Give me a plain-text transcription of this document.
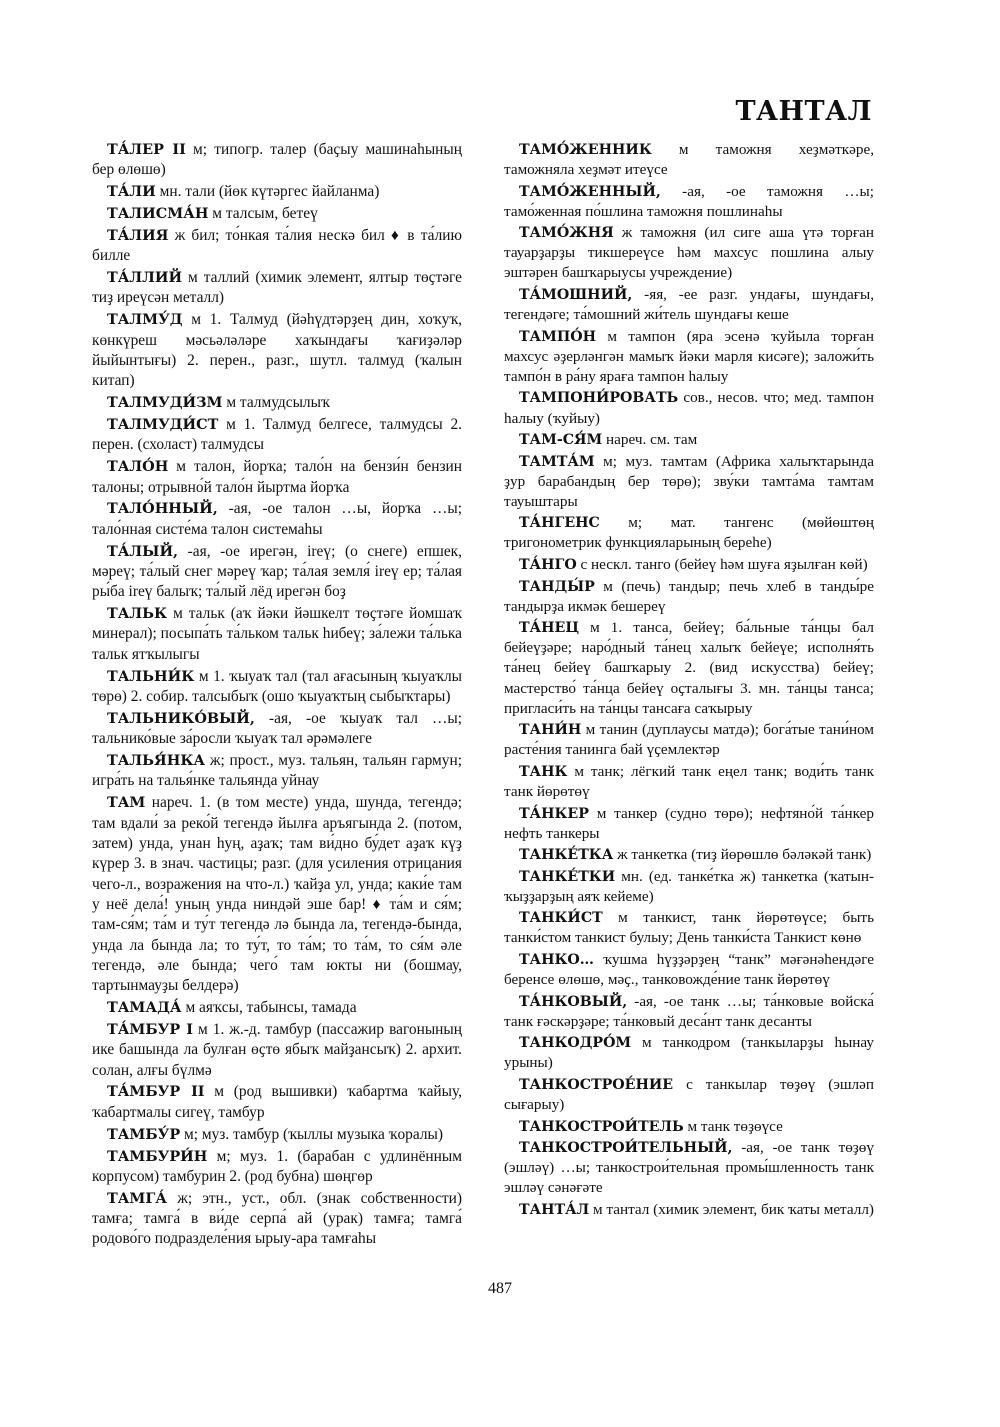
ТАНТАЛ

ТА́ЛЕР II м; типогр. талер (баҫыу машинаһының бер өлөшө)

ТА́ЛИ мн. тали (йөк күтәргес йайланма)

ТАЛИСМА́Н м талсым, бетеү

ТА́ЛИЯ ж бил; то́нкая та́лия нескә бил ♦ в та́лию билле

ТА́ЛЛИЙ м таллий (химик элемент, ялтыр төҫтәге тиҙ иреүсән металл)

ТАЛМУ́Д м 1. Талмуд (йәһүдтәрҙең дин, хоҡуҡ, көнкүреш мәсьәләләре хаҡындағы ҡағиҙәләр йыйынтығы) 2. перен., разг., шутл. талмуд (ҡалын китап)

ТАЛМУДИ́ЗМ м талмудсылыҡ

ТАЛМУДИ́СТ м 1. Талмуд белгесе, талмудсы 2. перен. (схоласт) талмудсы

ТАЛО́Н м талон, йорҡа; тало́н на бензи́н бензин талоны; отрывно́й тало́н йыртма йорҡа

ТАЛО́ННЫЙ, -ая, -ое талон …ы, йорҡа …ы; тало́нная систе́ма талон системаһы

ТА́ЛЫЙ, -ая, -ое ирегән, ireү; (о снеге) епшек, мәреү; та́лый снег мәреү ҡар; та́лая земля́ ireү ер; та́лая ры́ба ireү балыҡ; та́лый лёд ирегән боҙ

ТАЛЬК м тальк (аҡ йәки йәшкелт төҫтәге йомшаҡ минерал); посыпа́ть та́льком тальк һибеү; за́лежи та́лька тальк ятҡылыгы

ТАЛЬНИ́К м 1. ҡыуаҡ тал (тал ағасының ҡыуаҡлы төрө) 2. собир. талсыбыҡ (ошо ҡыуаҡтың сыбыҡтары)

ТАЛЬНИКО́ВЫЙ, -ая, -ое ҡыуаҡ тал …ы; тальнико́вые за́росли ҡыуаҡ тал әрәмәлеге

ТАЛЬЯ́НКА ж; прост., муз. тальян, тальян гармун; игра́ть на талья́нке тальянда уйнау

ТАМ нареч. 1. (в том месте) унда, шунда, тегендә; там вдали́ за реко́й тегендә йылға аръягында 2. (потом, затем) унда, унан һуң, аҙаҡ; там ви́дно бу́дет аҙаҡ күҙ күрер 3. в знач. частицы; разг. (для усиления отрицания чего-л., возражения на что-л.) ҡайҙа ул, унда; каки́е там у неё дела́! уның унда ниндәй эше бар! ♦ та́м и ся́м; там-ся́м; та́м и ту́т тегендә лә бында ла, тегендә-бында, унда ла бында ла; то ту́т, то та́м; то та́м, то ся́м әле тегендә, әле бында; чего́ там юкты ни (бошмау, тартынмауҙы белдерә)

ТАМАДА́ м аяҡсы, табынсы, тамада

ТА́МБУР I м 1. ж.-д. тамбур (пассажир вагонының ике башында ла булған өҫтө ябыҡ майҙансыҡ) 2. архит. солан, алғы бүлмә

ТА́МБУР II м (род вышивки) ҡабартма ҡайыу, ҡабартмалы сигеү, тамбур

ТАМБУ́Р м; муз. тамбур (ҡыллы музыка ҡоралы)

ТАМБУРИ́Н м; муз. 1. (барабан с удлинённым корпусом) тамбурин 2. (род бубна) шөңгөр

ТАМГА́ ж; этн., уст., обл. (знак собственности) тамға; тамга́ в ви́де серпа́ ай (урак) тамға; тамга́ родово́го подразделе́ния ырыу-ара тамғаһы

ТАМО́ЖЕННИК м таможня хеҙмәткәре, таможняла хеҙмәт итеүсе

ТАМО́ЖЕННЫЙ, -ая, -ое таможня …ы; тамо́женная по́шлина таможня пошлинаһы

ТАМО́ЖНЯ ж таможня (ил сиге аша үтә торған тауарҙарҙы тикшереүсе һәм махсус пошлина алыу эштәрен башҡарыусы учреждение)

ТА́МОШНИЙ, -яя, -ее разг. ундағы, шундағы, тегендәге; та́мошний жи́тель шундағы кеше

ТАМПО́Н м тампон (яра эсенә ҡуйыла торған махсус әҙерләнгән мамыҡ йәки марля кисәге); заложи́ть тампо́н в ра́ну яраға тампон һалыу

ТАМПОНИ́РОВАТЬ сов., несов. что; мед. тампон һалыу (ҡуйыу)

ТАМ-СЯ́М нареч. см. там

ТАМТА́М м; муз. тамтам (Африка халыҡтарында ҙур барабандың бер төрө); зву́ки тамта́ма тамтам тауыштары

ТА́НГЕНС м; мат. тангенс (мөйөштөң тригонометрик функцияларының береһе)

ТА́НГО с нескл. танго (бейеү һәм шуға яҙылған көй)

ТАНДЫ́Р м (печь) тандыр; печь хлеб в танды́ре тандырҙа икмәк бешереү

ТА́НЕЦ м 1. танса, бейеү; ба́льные та́нцы бал бейеүҙәре; наро́дный та́нец халыҡ бейеүе; исполня́ть та́нец бейеү башҡарыу 2. (вид искусства) бейеү; мастерство́ та́нца бейеү оҫталығы 3. мн. та́нцы танса; пригласи́ть на та́нцы тансаға саҡырыу

ТАНИ́Н м танин (дуплаусы матдә); бога́тые тани́ном расте́ния танинга бай үҫемлектәр

ТАНК м танк; лёгкий танк еңел танк; води́ть танк танк йөрөтөү

ТА́НКЕР м танкер (судно төрө); нефтяно́й та́нкер нефть танкеры

ТАНКЕ́ТКА ж танкетка (тиҙ йөрөшлө бәләкәй танк)

ТАНКЕ́ТКИ мн. (ед. танке́тка ж) танкетка (ҡатын-ҡыҙҙарҙың аяҡ кейеме)

ТАНКИ́СТ м танкист, танк йөрөтөүсе; быть танки́стом танкист булыу; День танки́ста Танкист көнө

ТАНКО… ҡушма һүҙҙәрҙең “танк” мәғәнәһендәге беренсе өлөшө, мәҫ., танковожде́ние танк йөрөтөү

ТА́НКОВЫЙ, -ая, -ое танк …ы; та́нковые войска́ танк ғәскәрҙәре; та́нковый деса́нт танк десанты

ТАНКОДРО́М м танкодром (танкыларҙы һынау урыны)

ТАНКОСТРОЕ́НИЕ с танкылар төҙөү (эшләп сығарыу)

ТАНКОСТРОИ́ТЕЛЬ м танк төҙөүсе

ТАНКОСТРОИ́ТЕЛЬНЫЙ, -ая, -ое танк төҙөү (эшләү) …ы; танкострои́тельная промы́шленность танк эшләү сәнәғәте

ТАНТА́Л м тантал (химик элемент, бик ҡаты металл)

487
